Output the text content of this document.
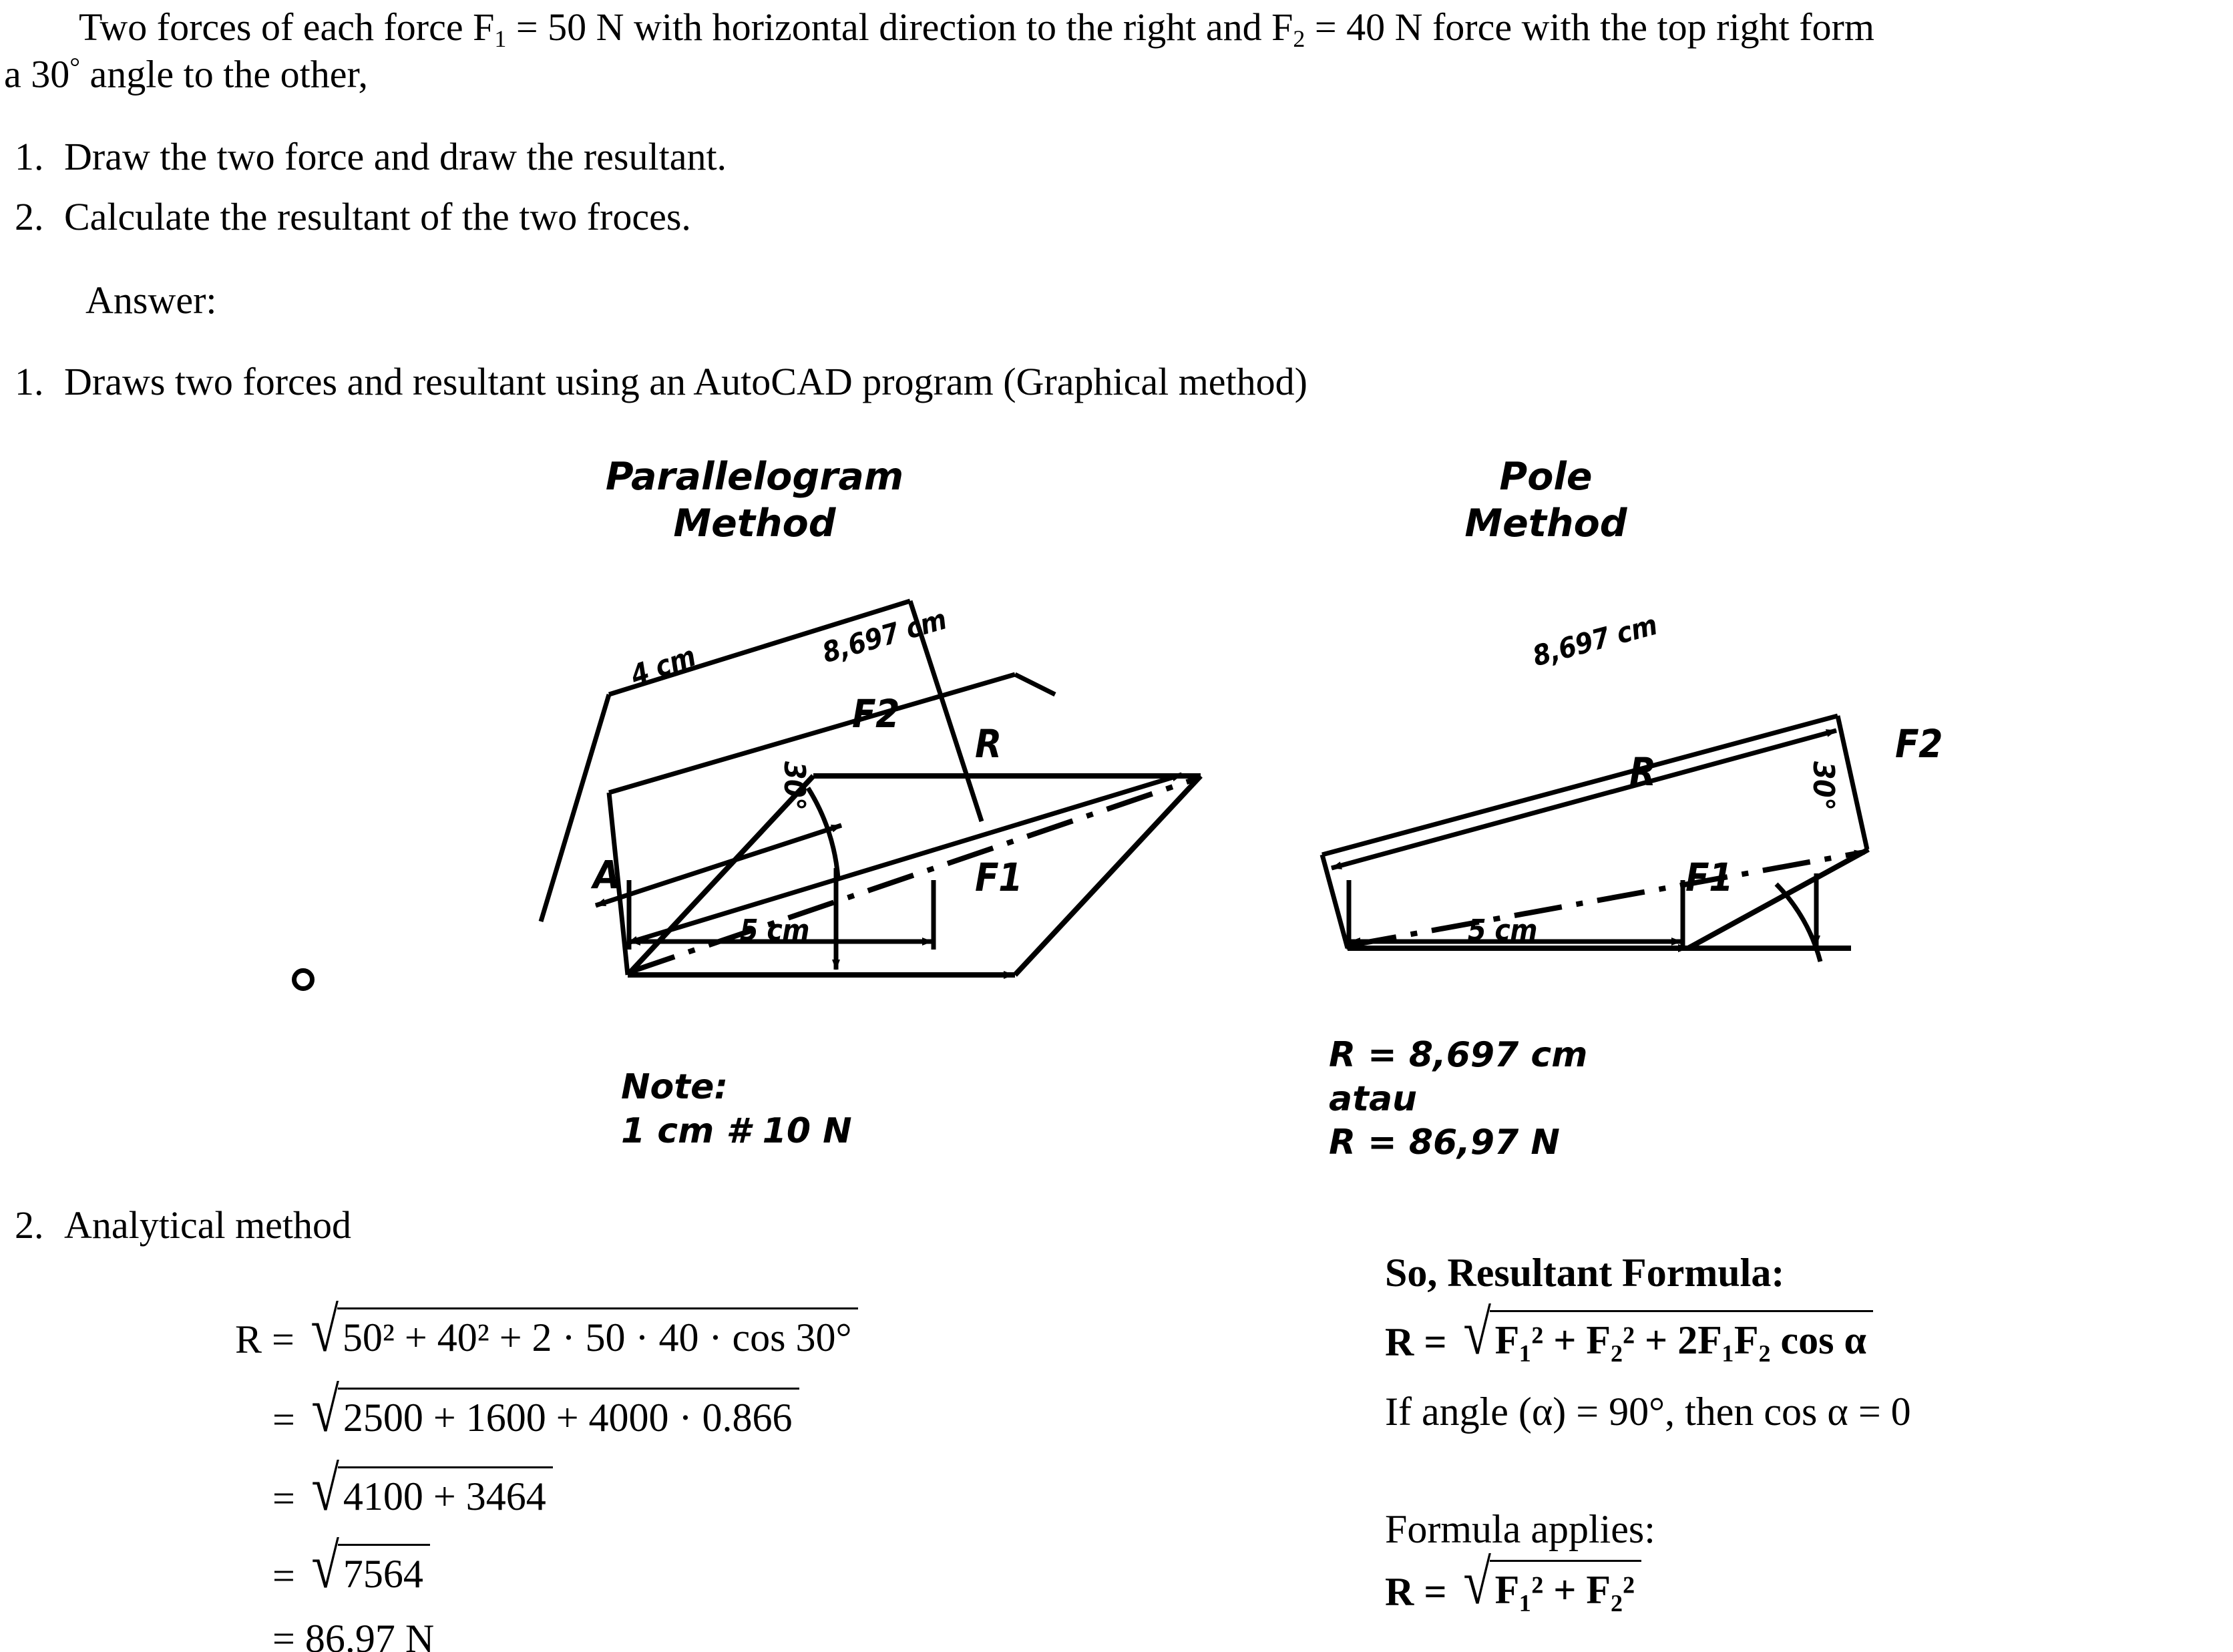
Two forces of each force $F_1 = 50$ N with horizontal direction to the right and $F_2 = 40$ N force with the top right form
a 30° angle to the other,
1. Draw the two force and draw the resultant.
2. Calculate the resultant of the two froces.
Answer:
1. Draws two forces and resultant using an AutoCAD program (Graphical method)
Parallelogram
Method
4 cm	8,697 cm
F2
R
A	F1
30°
5 cm
Note:
1 cm # 10 N
Pole
Method
8,697 cm
F2
R
F1
30°
5 cm
R = 8,697 cm
atau
R = 86,97 N
2. Analytical method
R = √ 50² + 40² + 2 · 50 · 40 · cos 30°
= √ 2500 + 1600 + 4000 · 0.866
= √ 4100 + 3464
= √ 7564
= 86.97 N
So, Resultant Formula:
R = √ F₁² + F₂² + 2F₁F₂ cos α
If angle (α) = 90°, then cos α = 0
Formula applies:
R = √ F₁² + F₂²
